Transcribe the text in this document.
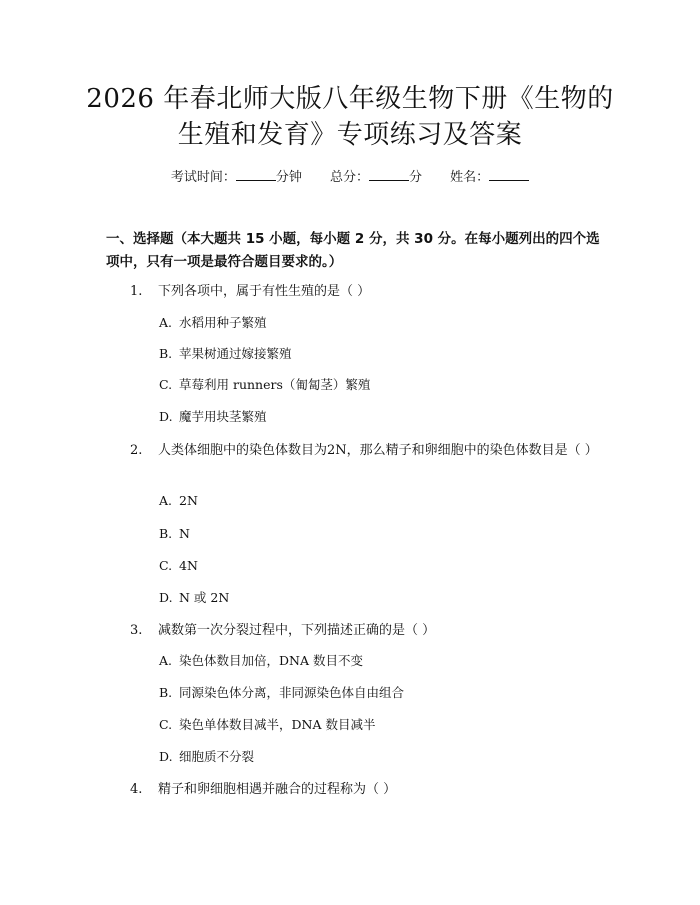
2026 年春北师大版八年级生物下册《生物的
生殖和发育》专项练习及答案
考试时间：	分钟 总分：	分 姓名：
一、选择题（本大题共 15 小题，每小题 2 分，共 30 分。在每小题列出的四个选项中，只有一项是最符合题目要求的。）
1. 下列各项中，属于有性生殖的是（ ）
A. 水稻用种子繁殖
B. 苹果树通过嫁接繁殖
C. 草莓利用 runners（匍匐茎）繁殖
D. 魔芋用块茎繁殖
2. 人类体细胞中的染色体数目为2N，那么精子和卵细胞中的染色体数目是（ ）
A. 2N
B. N
C. 4N
D. N 或 2N
3. 减数第一次分裂过程中，下列描述正确的是（ ）
A. 染色体数目加倍，DNA 数目不变
B. 同源染色体分离，非同源染色体自由组合
C. 染色单体数目减半，DNA 数目减半
D. 细胞质不分裂
4. 精子和卵细胞相遇并融合的过程称为（ ）
